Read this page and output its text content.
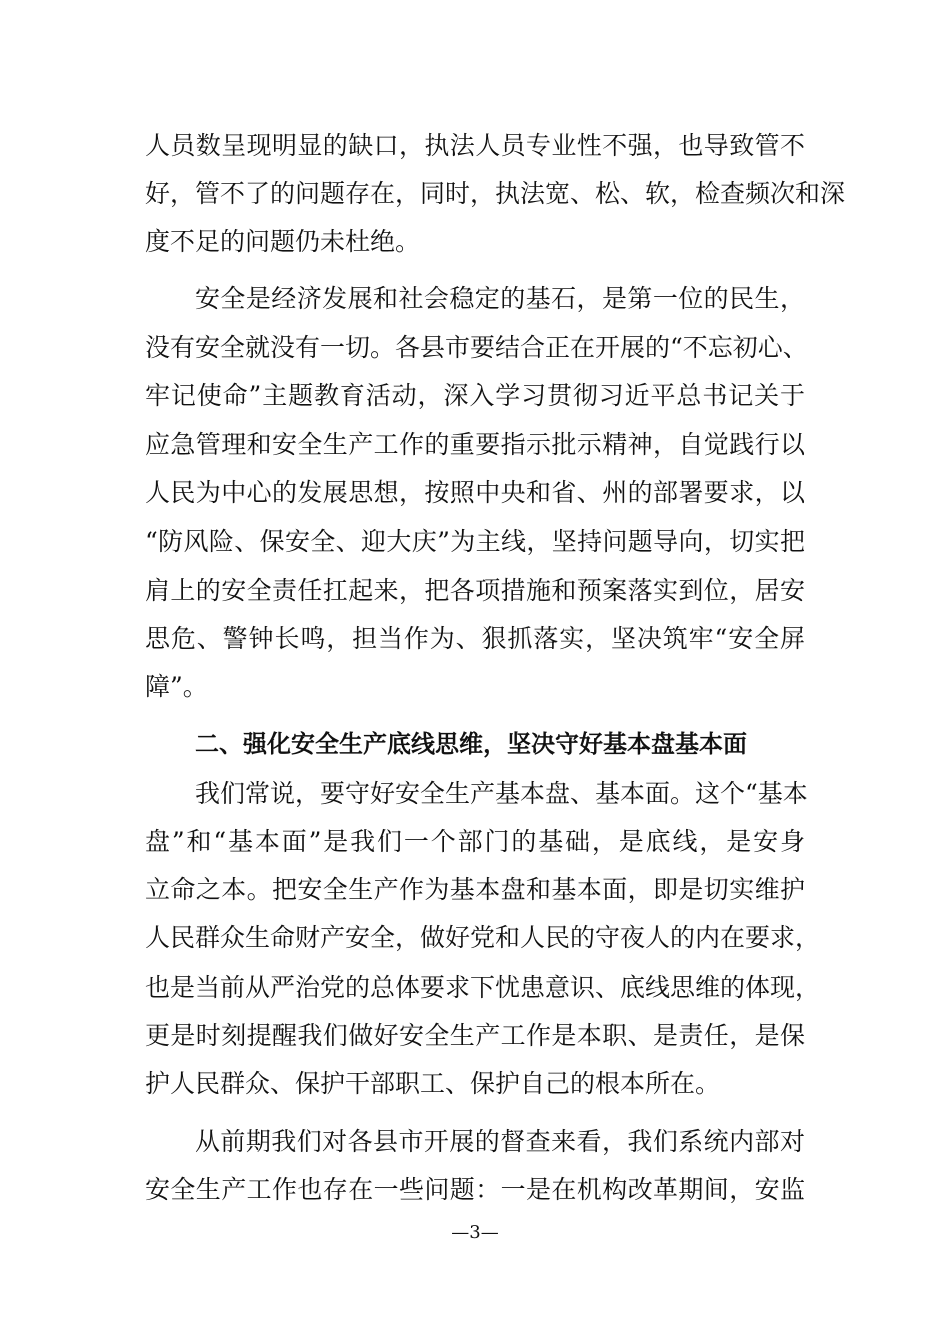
人员数呈现明显的缺口，执法人员专业性不强，也导致管不
好，管不了的问题存在，同时，执法宽、松、软，检查频次和深
度不足的问题仍未杜绝。
安全是经济发展和社会稳定的基石，是第一位的民生，
没有安全就没有一切。各县市要结合正在开展的“不忘初心、
牢记使命”主题教育活动，深入学习贯彻习近平总书记关于
应急管理和安全生产工作的重要指示批示精神，自觉践行以
人民为中心的发展思想，按照中央和省、州的部署要求，以
“防风险、保安全、迎大庆”为主线，坚持问题导向，切实把
肩上的安全责任扛起来，把各项措施和预案落实到位，居安
思危、警钟长鸣，担当作为、狠抓落实，坚决筑牢“安全屏
障”。
二、强化安全生产底线思维，坚决守好基本盘基本面
我们常说，要守好安全生产基本盘、基本面。这个“基本
盘”和“基本面”是我们一个部门的基础，是底线，是安身
立命之本。把安全生产作为基本盘和基本面，即是切实维护
人民群众生命财产安全，做好党和人民的守夜人的内在要求，
也是当前从严治党的总体要求下忧患意识、底线思维的体现，
更是时刻提醒我们做好安全生产工作是本职、是责任，是保
护人民群众、保护干部职工、保护自己的根本所在。
从前期我们对各县市开展的督查来看，我们系统内部对
安全生产工作也存在一些问题：一是在机构改革期间，安监
—3—
